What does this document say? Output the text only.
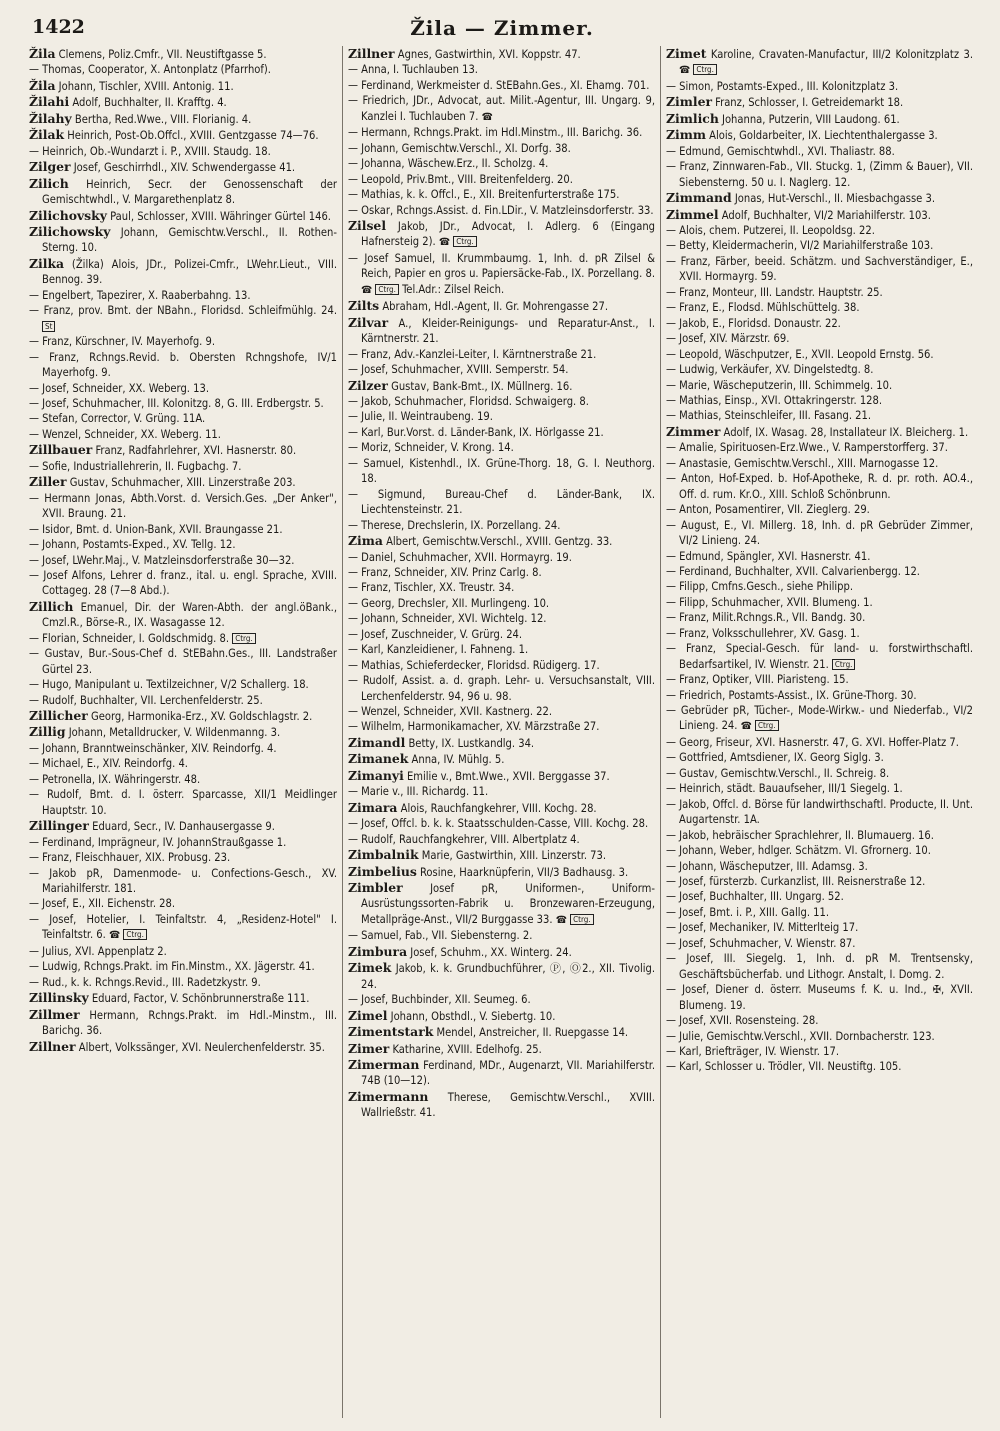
1422	Žila — Zimmer.
Žila Clemens, Poliz.Cmfr., VII. Neustiftgasse 5.
— Thomas, Cooperator, X. Antonplatz (Pfarrhof).
Žila Johann, Tischler, XVIII. Antonig. 11.
Žilahi Adolf, Buchhalter, II. Krafftg. 4.
Žilahy Bertha, Red.Wwe., VIII. Florianig. 4.
Žilak Heinrich, Post-Ob.Offcl., XVIII. Gentzgasse 74—76.
— Heinrich, Ob.-Wundarzt i. P., XVIII. Staudg. 18.
Zilger Josef, Geschirrhdl., XIV. Schwendergasse 41.
Zilich Heinrich, Secr. der Genossenschaft der Gemischtwhdl., V. Margarethenplatz 8.
Zilichovsky Paul, Schlosser, XVIII. Währinger Gürtel 146.
Zilichowsky Johann, Gemischtw.Verschl., II. Rothen-Sterng. 10.
Zilka (Žilka) Alois, JDr., Polizei-Cmfr., LWehr.Lieut., VIII. Bennog. 39.
— Engelbert, Tapezirer, X. Raaberbahng. 13.
— Franz, prov. Bmt. der NBahn., Floridsd. Schleifmühlg. 24. St
— Franz, Kürschner, IV. Mayerhofg. 9.
— Franz, Rchngs.Revid. b. Obersten Rchngshofe, IV/1 Mayerhofg. 9.
— Josef, Schneider, XX. Weberg. 13.
— Josef, Schuhmacher, III. Kolonitzg. 8, G. III. Erdbergstr. 5.
— Stefan, Corrector, V. Grüng. 11A.
— Wenzel, Schneider, XX. Weberg. 11.
Zillbauer Franz, Radfahrlehrer, XVI. Hasnerstr. 80.
— Sofie, Industriallehrerin, II. Fugbachg. 7.
Ziller Gustav, Schuhmacher, XIII. Linzerstraße 203.
— Hermann Jonas, Abth.Vorst. d. Versich.Ges. „Der Anker", XVII. Braung. 21.
— Isidor, Bmt. d. Union-Bank, XVII. Braungasse 21.
— Johann, Postamts-Exped., XV. Tellg. 12.
— Josef, LWehr.Maj., V. Matzleinsdorferstraße 30—32.
— Josef Alfons, Lehrer d. franz., ital. u. engl. Sprache, XVIII. Cottageg. 28 (7—8 Abd.).
Zillich Emanuel, Dir. der Waren-Abth. der angl.öBank., Cmzl.R., Börse-R., IX. Wasagasse 12.
— Florian, Schneider, I. Goldschmidg. 8. Ctrg.
— Gustav, Bur.-Sous-Chef d. StEBahn.Ges., III. Landstraßer Gürtel 23.
— Hugo, Manipulant u. Textilzeichner, V/2 Schallerg. 18.
— Rudolf, Buchhalter, VII. Lerchenfelderstr. 25.
Zillicher Georg, Harmonika-Erz., XV. Goldschlagstr. 2.
Zillig Johann, Metalldrucker, V. Wildenmanng. 3.
— Johann, Branntweinschänker, XIV. Reindorfg. 4.
— Michael, E., XIV. Reindorfg. 4.
— Petronella, IX. Währingerstr. 48.
— Rudolf, Bmt. d. I. österr. Sparcasse, XII/1 Meidlinger Hauptstr. 10.
Zillinger Eduard, Secr., IV. Danhausergasse 9.
— Ferdinand, Imprägneur, IV. JohannStraußgasse 1.
— Franz, Fleischhauer, XIX. Probusg. 23.
— Jakob pR, Damenmode- u. Confections-Gesch., XV. Mariahilferstr. 181.
— Josef, E., XII. Eichenstr. 28.
— Josef, Hotelier, I. Teinfaltstr. 4, „Residenz-Hotel" I. Teinfaltstr. 6. ☎ Ctrg.
— Julius, XVI. Appenplatz 2.
— Ludwig, Rchngs.Prakt. im Fin.Minstm., XX. Jägerstr. 41.
— Rud., k. k. Rchngs.Revid., III. Radetzkystr. 9.
Zillinsky Eduard, Factor, V. Schönbrunnerstraße 111.
Zillmer Hermann, Rchngs.Prakt. im Hdl.-Minstm., III. Barichg. 36.
Zillner Albert, Volkssänger, XVI. Neulerchenfelderstr. 35.
Zillner Agnes, Gastwirthin, XVI. Koppstr. 47.
— Anna, I. Tuchlauben 13.
— Ferdinand, Werkmeister d. StEBahn.Ges., XI. Ehamg. 701.
— Friedrich, JDr., Advocat, aut. Milit.-Agentur, III. Ungarg. 9, Kanzlei I. Tuchlauben 7. ☎
— Hermann, Rchngs.Prakt. im Hdl.Minstm., III. Barichg. 36.
— Johann, Gemischtw.Verschl., XI. Dorfg. 38.
— Johanna, Wäschew.Erz., II. Scholzg. 4.
— Leopold, Priv.Bmt., VIII. Breitenfelderg. 20.
— Mathias, k. k. Offcl., E., XII. Breitenfurterstraße 175.
— Oskar, Rchngs.Assist. d. Fin.LDir., V. Matzleinsdorferstr. 33.
Zilsel Jakob, JDr., Advocat, I. Adlerg. 6 (Eingang Hafnersteig 2). ☎ Ctrg.
— Josef Samuel, II. Krummbaumg. 1, Inh. d. pR Zilsel & Reich, Papier en gros u. Papiersäcke-Fab., IX. Porzellang. 8. ☎ Ctrg. Tel.Adr.: Zilsel Reich.
Zilts Abraham, Hdl.-Agent, II. Gr. Mohrengasse 27.
Zilvar A., Kleider-Reinigungs- und Reparatur-Anst., I. Kärntnerstr. 21.
— Franz, Adv.-Kanzlei-Leiter, I. Kärntnerstraße 21.
— Josef, Schuhmacher, XVIII. Semperstr. 54.
Zilzer Gustav, Bank-Bmt., IX. Müllnerg. 16.
— Jakob, Schuhmacher, Floridsd. Schwaigerg. 8.
— Julie, II. Weintraubeng. 19.
— Karl, Bur.Vorst. d. Länder-Bank, IX. Hörlgasse 21.
— Moriz, Schneider, V. Krong. 14.
— Samuel, Kistenhdl., IX. Grüne-Thorg. 18, G. I. Neuthorg. 18.
— Sigmund, Bureau-Chef d. Länder-Bank, IX. Liechtensteinstr. 21.
— Therese, Drechslerin, IX. Porzellang. 24.
Zima Albert, Gemischtw.Verschl., XVIII. Gentzg. 33.
— Daniel, Schuhmacher, XVII. Hormayrg. 19.
— Franz, Schneider, XIV. Prinz Carlg. 8.
— Franz, Tischler, XX. Treustr. 34.
— Georg, Drechsler, XII. Murlingeng. 10.
— Johann, Schneider, XVI. Wichtelg. 12.
— Josef, Zuschneider, V. Grürg. 24.
— Karl, Kanzleidiener, I. Fahneng. 1.
— Mathias, Schieferdecker, Floridsd. Rüdigerg. 17.
— Rudolf, Assist. a. d. graph. Lehr- u. Versuchsanstalt, VIII. Lerchenfelderstr. 94, 96 u. 98.
— Wenzel, Schneider, XVII. Kastnerg. 22.
— Wilhelm, Harmonikamacher, XV. Märzstraße 27.
Zimandl Betty, IX. Lustkandlg. 34.
Zimanek Anna, IV. Mühlg. 5.
Zimanyi Emilie v., Bmt.Wwe., XVII. Berggasse 37.
— Marie v., III. Richardg. 11.
Zimara Alois, Rauchfangkehrer, VIII. Kochg. 28.
— Josef, Offcl. b. k. k. Staatsschulden-Casse, VIII. Kochg. 28.
— Rudolf, Rauchfangkehrer, VIII. Albertplatz 4.
Zimbalnik Marie, Gastwirthin, XIII. Linzerstr. 73.
Zimbelius Rosine, Haarknüpferin, VII/3 Badhausg. 3.
Zimbler Josef pR, Uniformen-, Uniform-Ausrüstungssorten-Fabrik u. Bronzewaren-Erzeugung, Metallpräge-Anst., VII/2 Burggasse 33. ☎ Ctrg.
— Samuel, Fab., VII. Siebensterng. 2.
Zimbura Josef, Schuhm., XX. Winterg. 24.
Zimek Jakob, k. k. Grundbuchführer, Ⓟ, Ⓞ2., XII. Tivolig. 24.
— Josef, Buchbinder, XII. Seumeg. 6.
Zimel Johann, Obsthdl., V. Siebertg. 10.
Zimentstark Mendel, Anstreicher, II. Ruepgasse 14.
Zimer Katharine, XVIII. Edelhofg. 25.
Zimerman Ferdinand, MDr., Augenarzt, VII. Mariahilferstr. 74B (10—12).
Zimermann Therese, Gemischtw.Verschl., XVIII. Wallrießstr. 41.
Zimet Karoline, Cravaten-Manufactur, III/2 Kolonitzplatz 3. ☎ Ctrg.
— Simon, Postamts-Exped., III. Kolonitzplatz 3.
Zimler Franz, Schlosser, I. Getreidemarkt 18.
Zimlich Johanna, Putzerin, VIII Laudong. 61.
Zimm Alois, Goldarbeiter, IX. Liechtenthalergasse 3.
— Edmund, Gemischtwhdl., XVI. Thaliastr. 88.
— Franz, Zinnwaren-Fab., VII. Stuckg. 1, (Zimm & Bauer), VII. Siebensterng. 50 u. I. Naglerg. 12.
Zimmand Jonas, Hut-Verschl., II. Miesbachgasse 3.
Zimmel Adolf, Buchhalter, VI/2 Mariahilferstr. 103.
— Alois, chem. Putzerei, II. Leopoldsg. 22.
— Betty, Kleidermacherin, VI/2 Mariahilferstraße 103.
— Franz, Färber, beeid. Schätzm. und Sachverständiger, E., XVII. Hormayrg. 59.
— Franz, Monteur, III. Landstr. Hauptstr. 25.
— Franz, E., Flodsd. Mühlschüttelg. 38.
— Jakob, E., Floridsd. Donaustr. 22.
— Josef, XIV. Märzstr. 69.
— Leopold, Wäschputzer, E., XVII. Leopold Ernstg. 56.
— Ludwig, Verkäufer, XV. Dingelstedtg. 8.
— Marie, Wäscheputzerin, III. Schimmelg. 10.
— Mathias, Einsp., XVI. Ottakringerstr. 128.
— Mathias, Steinschleifer, III. Fasang. 21.
Zimmer Adolf, IX. Wasag. 28, Installateur IX. Bleicherg. 1.
— Amalie, Spirituosen-Erz.Wwe., V. Ramperstorfferg. 37.
— Anastasie, Gemischtw.Verschl., XIII. Marnogasse 12.
— Anton, Hof-Exped. b. Hof-Apotheke, R. d. pr. roth. AO.4., Off. d. rum. Kr.O., XIII. Schloß Schönbrunn.
— Anton, Posamentirer, VII. Zieglerg. 29.
— August, E., VI. Millerg. 18, Inh. d. pR Gebrüder Zimmer, VI/2 Linieng. 24.
— Edmund, Spängler, XVI. Hasnerstr. 41.
— Ferdinand, Buchhalter, XVII. Calvarienbergg. 12.
— Filipp, Cmfns.Gesch., siehe Philipp.
— Filipp, Schuhmacher, XVII. Blumeng. 1.
— Franz, Milit.Rchngs.R., VII. Bandg. 30.
— Franz, Volksschullehrer, XV. Gasg. 1.
— Franz, Special-Gesch. für land- u. forstwirthschaftl. Bedarfsartikel, IV. Wienstr. 21. Ctrg.
— Franz, Optiker, VIII. Piaristeng. 15.
— Friedrich, Postamts-Assist., IX. Grüne-Thorg. 30.
— Gebrüder pR, Tücher-, Mode-Wirkw.- und Niederfab., VI/2 Linieng. 24. ☎ Ctrg.
— Georg, Friseur, XVI. Hasnerstr. 47, G. XVI. Hoffer-Platz 7.
— Gottfried, Amtsdiener, IX. Georg Siglg. 3.
— Gustav, Gemischtw.Verschl., II. Schreig. 8.
— Heinrich, städt. Bauaufseher, III/1 Siegelg. 1.
— Jakob, Offcl. d. Börse für landwirthschaftl. Producte, II. Unt. Augartenstr. 1A.
— Jakob, hebräischer Sprachlehrer, II. Blumauerg. 16.
— Johann, Weber, hdlger. Schätzm. VI. Gfrornerg. 10.
— Johann, Wäscheputzer, III. Adamsg. 3.
— Josef, fürsterzb. Curkanzlist, III. Reisnerstraße 12.
— Josef, Buchhalter, III. Ungarg. 52.
— Josef, Bmt. i. P., XIII. Gallg. 11.
— Josef, Mechaniker, IV. Mitterlteig 17.
— Josef, Schuhmacher, V. Wienstr. 87.
— Josef, III. Siegelg. 1, Inh. d. pR M. Trentsensky, Geschäftsbücherfab. und Lithogr. Anstalt, I. Domg. 2.
— Josef, Diener d. österr. Museums f. K. u. Ind., ✠, XVII. Blumeng. 19.
— Josef, XVII. Rosensteing. 28.
— Julie, Gemischtw.Verschl., XVII. Dornbacherstr. 123.
— Karl, Briefträger, IV. Wienstr. 17.
— Karl, Schlosser u. Trödler, VII. Neustiftg. 105.
